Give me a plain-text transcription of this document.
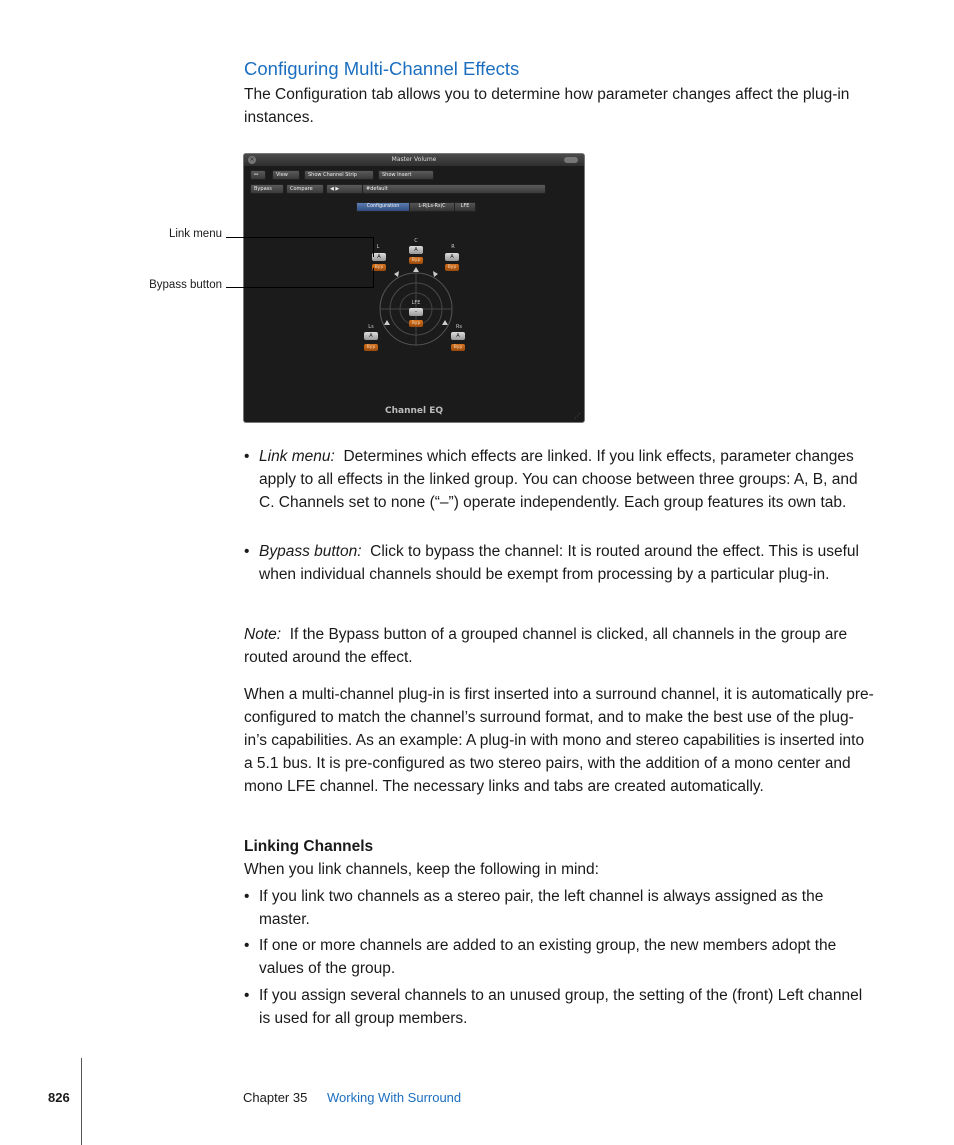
Configuring Multi-Channel Effects

The Configuration tab allows you to determine how parameter changes affect the plug-in instances.

×	Master Volume
⚯	View	Show Channel Strip	Show Insert
Bypass	Compare	◀ ▶	#default
Configuration	L-R|Ls-Rs|C	LFE
L
A
Byp
C
A
Byp
R
A
Byp
LFE
–
Byp
Ls
A
Byp
Rs
A
Byp
Channel EQ	⋰
Link menu
Bypass button
• Link menu: Determines which effects are linked. If you link effects, parameter changes apply to all effects in the linked group. You can choose between three groups: A, B, and C. Channels set to none (“–”) operate independently. Each group features its own tab.
• Bypass button: Click to bypass the channel: It is routed around the effect. This is useful when individual channels should be exempt from processing by a particular plug-in.

Note: If the Bypass button of a grouped channel is clicked, all channels in the group are routed around the effect.

When a multi-channel plug-in is first inserted into a surround channel, it is automatically pre-configured to match the channel’s surround format, and to make the best use of the plug-in’s capabilities. As an example: A plug-in with mono and stereo capabilities is inserted into a 5.1 bus. It is pre-configured as two stereo pairs, with the addition of a mono center and mono LFE channel. The necessary links and tabs are created automatically.

Linking Channels

When you link channels, keep the following in mind:

• If you link two channels as a stereo pair, the left channel is always assigned as the master.
• If one or more channels are added to an existing group, the new members adopt the values of the group.
• If you assign several channels to an unused group, the setting of the (front) Left channel is used for all group members.
826	Chapter 35 Working With Surround
